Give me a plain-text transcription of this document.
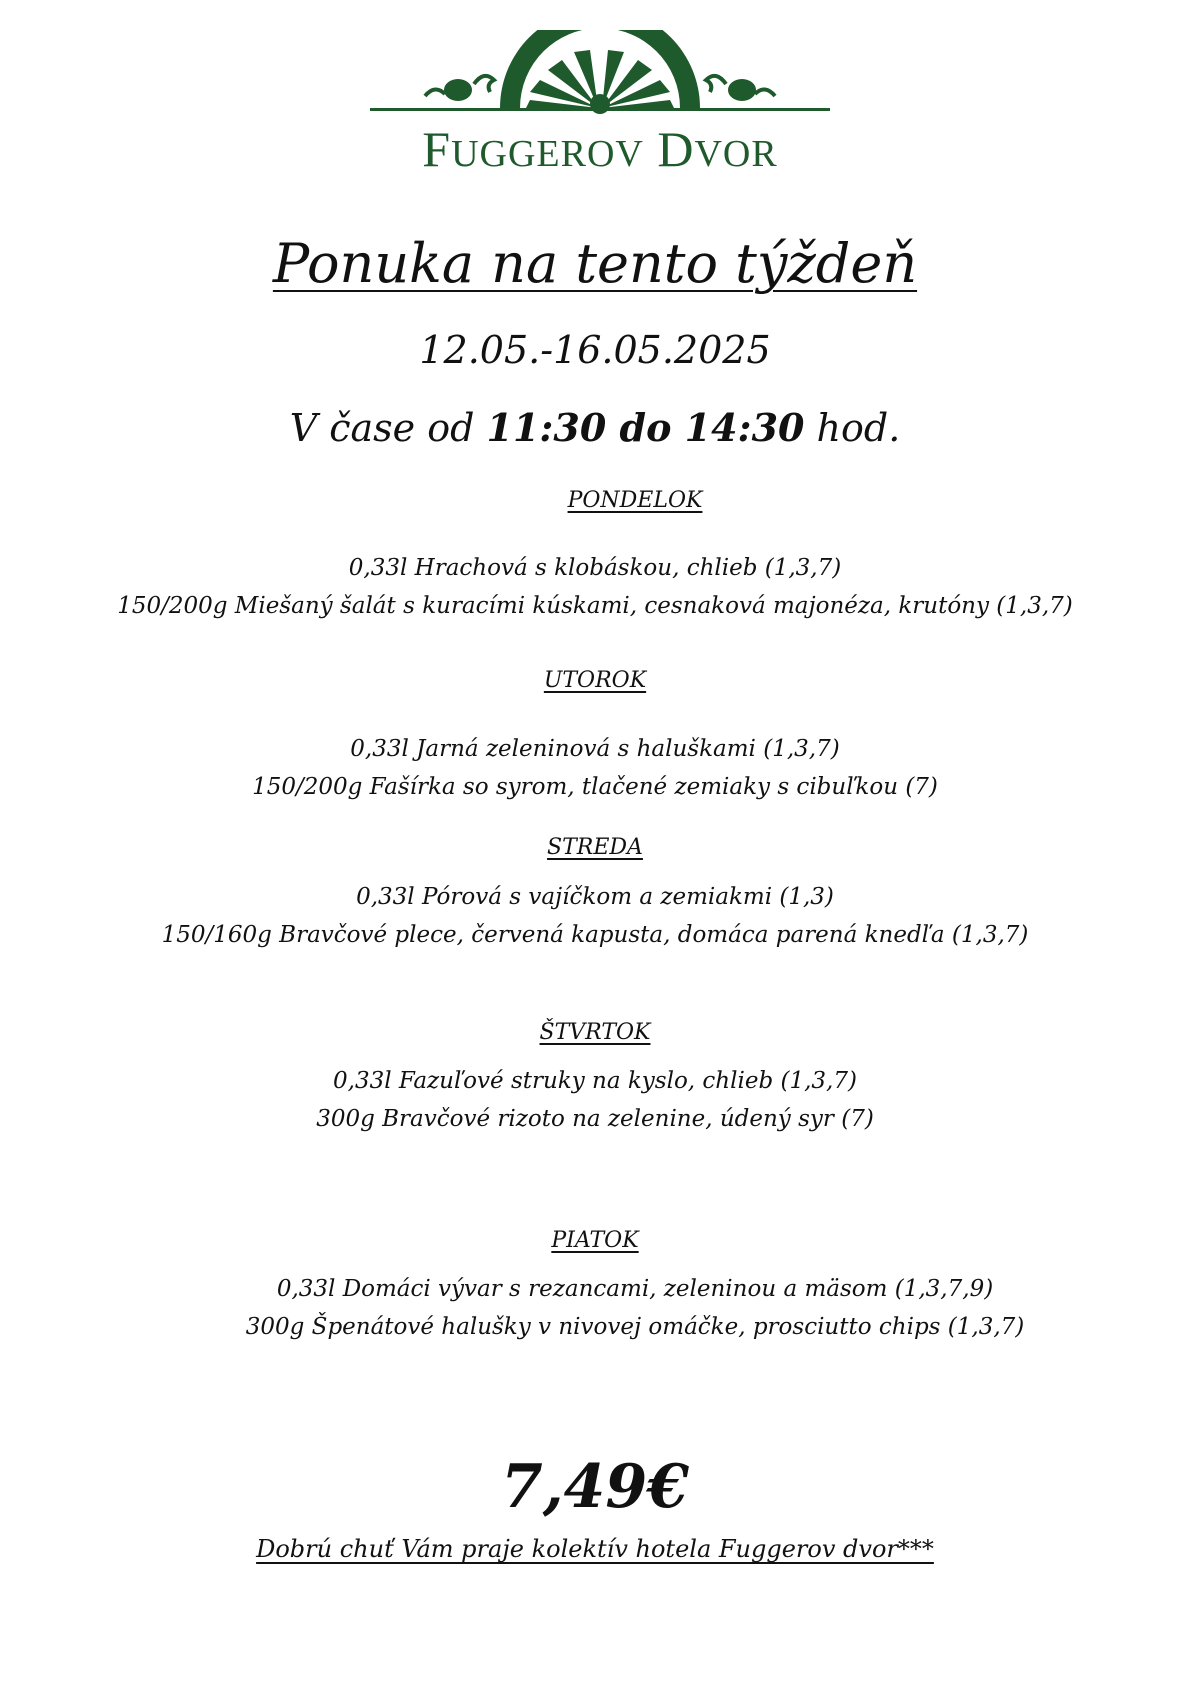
FUGGEROV DVOR
Ponuka na tento týždeň
12.05.-16.05.2025
V čase od 11:30 do 14:30 hod.
PONDELOK
0,33l Hrachová s klobáskou, chlieb (1,3,7)
150/200g Miešaný šalát s kuracími kúskami, cesnaková majonéza, krutóny (1,3,7)
UTOROK
0,33l Jarná zeleninová s haluškami (1,3,7)
150/200g Fašírka so syrom, tlačené zemiaky s cibuľkou (7)
STREDA
0,33l Pórová s vajíčkom a zemiakmi (1,3)
150/160g Bravčové plece, červená kapusta, domáca parená knedľa (1,3,7)
ŠTVRTOK
0,33l Fazuľové struky na kyslo, chlieb (1,3,7)
300g Bravčové rizoto na zelenine, údený syr (7)
PIATOK
0,33l Domáci vývar s rezancami, zeleninou a mäsom (1,3,7,9)
300g Špenátové halušky v nivovej omáčke, prosciutto chips (1,3,7)
7,49€
Dobrú chuť Vám praje kolektív hotela Fuggerov dvor***
